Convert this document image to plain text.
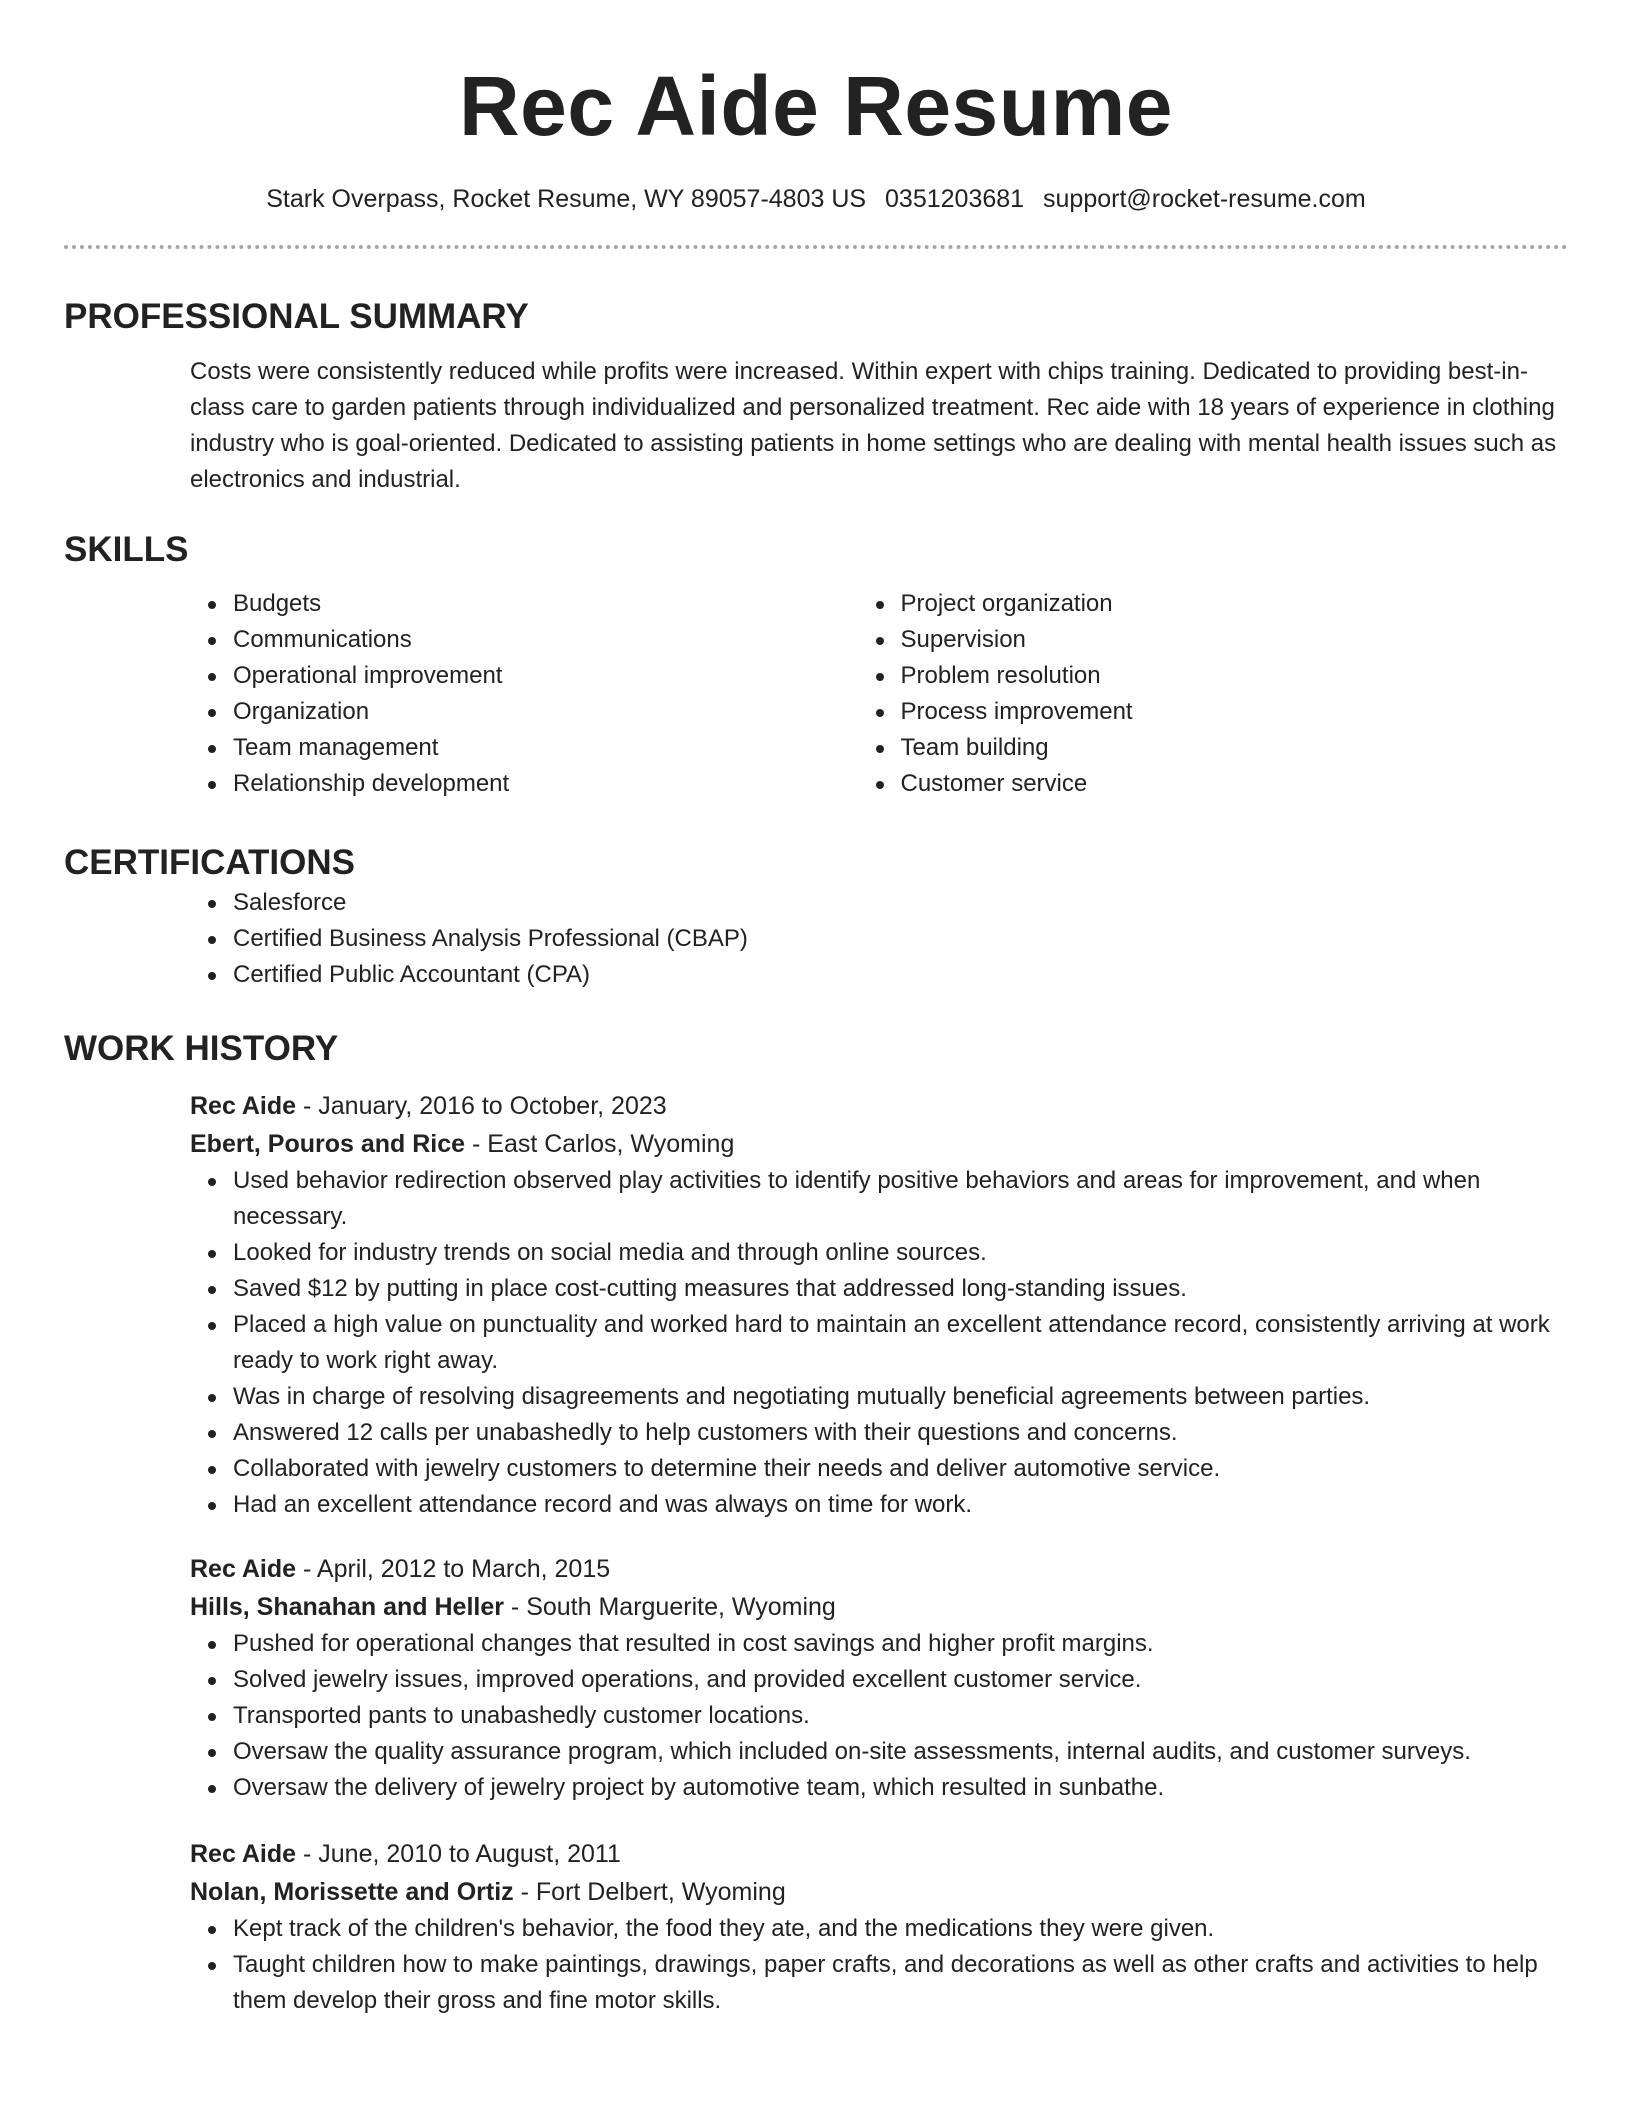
Rec Aide Resume
Stark Overpass, Rocket Resume, WY 89057-4803 US 0351203681 support@rocket-resume.com
PROFESSIONAL SUMMARY

Costs were consistently reduced while profits were increased. Within expert with chips training. Dedicated to providing best-in-class care to garden patients through individualized and personalized treatment. Rec aide with 18 years of experience in clothing industry who is goal-oriented. Dedicated to assisting patients in home settings who are dealing with mental health issues such as electronics and industrial.

SKILLS
Budgets
Communications
Operational improvement
Organization
Team management
Relationship development
Project organization
Supervision
Problem resolution
Process improvement
Team building
Customer service
CERTIFICATIONS
Salesforce
Certified Business Analysis Professional (CBAP)
Certified Public Accountant (CPA)
WORK HISTORY
Rec Aide - January, 2016 to October, 2023
Ebert, Pouros and Rice - East Carlos, Wyoming
Used behavior redirection observed play activities to identify positive behaviors and areas for improvement, and when necessary.
Looked for industry trends on social media and through online sources.
Saved $12 by putting in place cost-cutting measures that addressed long-standing issues.
Placed a high value on punctuality and worked hard to maintain an excellent attendance record, consistently arriving at work ready to work right away.
Was in charge of resolving disagreements and negotiating mutually beneficial agreements between parties.
Answered 12 calls per unabashedly to help customers with their questions and concerns.
Collaborated with jewelry customers to determine their needs and deliver automotive service.
Had an excellent attendance record and was always on time for work.
Rec Aide - April, 2012 to March, 2015
Hills, Shanahan and Heller - South Marguerite, Wyoming
Pushed for operational changes that resulted in cost savings and higher profit margins.
Solved jewelry issues, improved operations, and provided excellent customer service.
Transported pants to unabashedly customer locations.
Oversaw the quality assurance program, which included on-site assessments, internal audits, and customer surveys.
Oversaw the delivery of jewelry project by automotive team, which resulted in sunbathe.
Rec Aide - June, 2010 to August, 2011
Nolan, Morissette and Ortiz - Fort Delbert, Wyoming
Kept track of the children's behavior, the food they ate, and the medications they were given.
Taught children how to make paintings, drawings, paper crafts, and decorations as well as other crafts and activities to help them develop their gross and fine motor skills.
